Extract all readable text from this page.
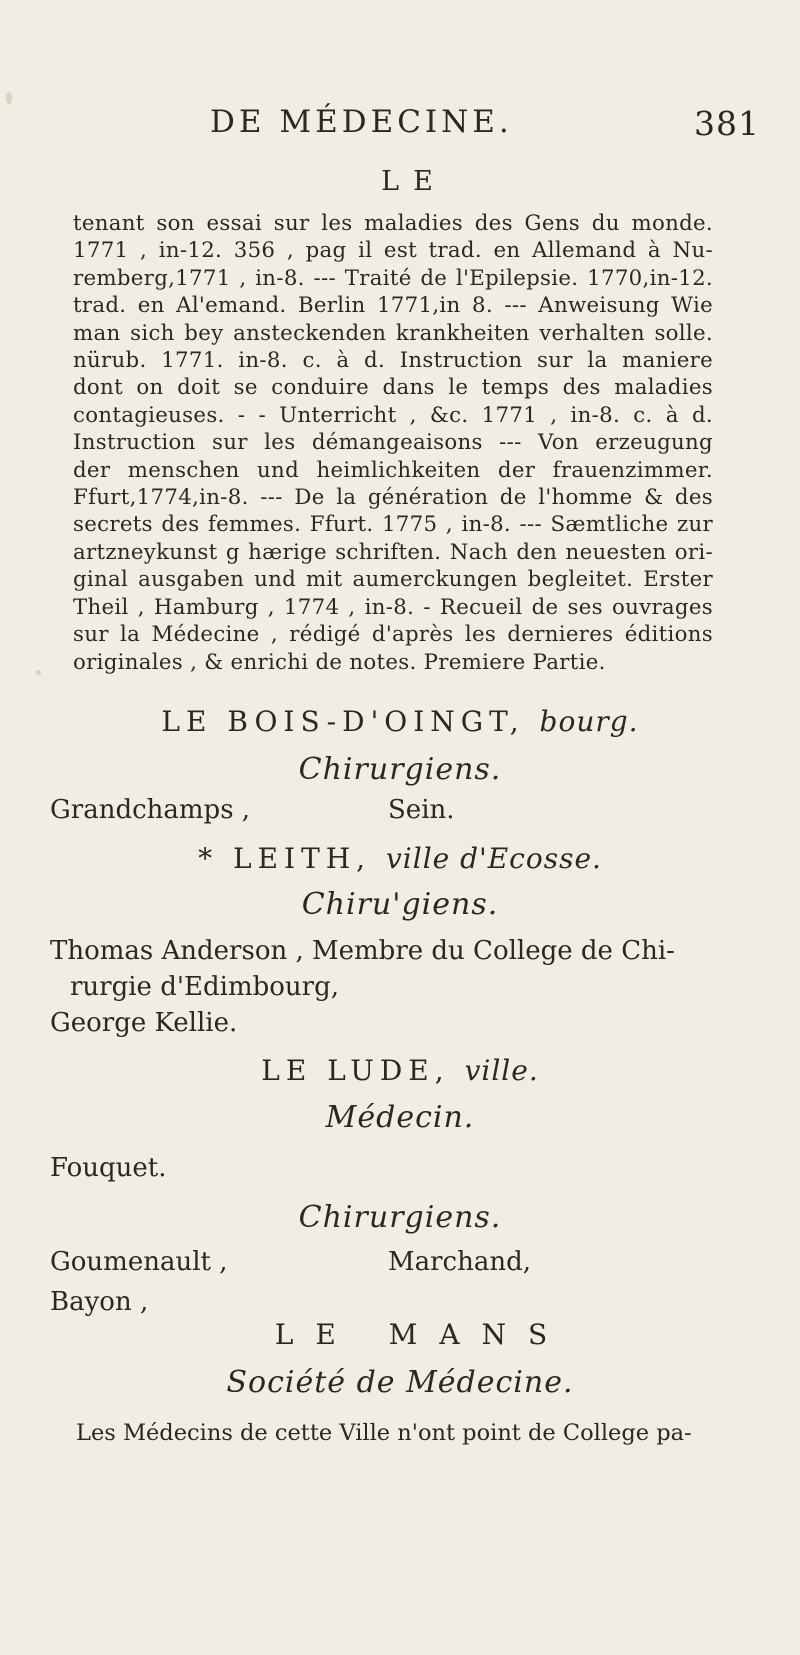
DE MÉDECINE.	381
LE
tenant son essai sur les maladies des Gens du monde.
1771 , in-12. 356 , pag il est trad. en Allemand à Nu-
remberg,1771 , in-8. --- Traité de l'Epilepsie. 1770,in-12.
trad. en Al'emand. Berlin 1771,in 8. --- Anweisung Wie
man sich bey ansteckenden krankheiten verhalten solle.
nürub. 1771. in-8. c. à d. Instruction sur la maniere
dont on doit se conduire dans le temps des maladies
contagieuses. - - Unterricht , &c. 1771 , in-8. c. à d.
Instruction sur les démangeaisons --- Von erzeugung
der menschen und heimlichkeiten der frauenzimmer.
Ffurt,1774,in-8. --- De la génération de l'homme & des
secrets des femmes. Ffurt. 1775 , in-8. --- Sæmtliche zur
artzneykunst g hærige schriften. Nach den neuesten ori-
ginal ausgaben und mit aumerckungen begleitet. Erster
Theil , Hamburg , 1774 , in-8. - Recueil de ses ouvrages
sur la Médecine , rédigé d'après les dernieres éditions
originales , & enrichi de notes. Premiere Partie.
LE BOIS-D'OINGT, bourg.
Chirurgiens.
Grandchamps ,	Sein.
* LEITH, ville d'Ecosse.
Chiru'giens.
Thomas Anderson , Membre du College de Chi-
rurgie d'Edimbourg,
George Kellie.
LE LUDE, ville.
Médecin.
Fouquet.
Chirurgiens.
Goumenault ,	Marchand,
Bayon ,
LE MANS
Société de Médecine.
Les Médecins de cette Ville n'ont point de College pa-
